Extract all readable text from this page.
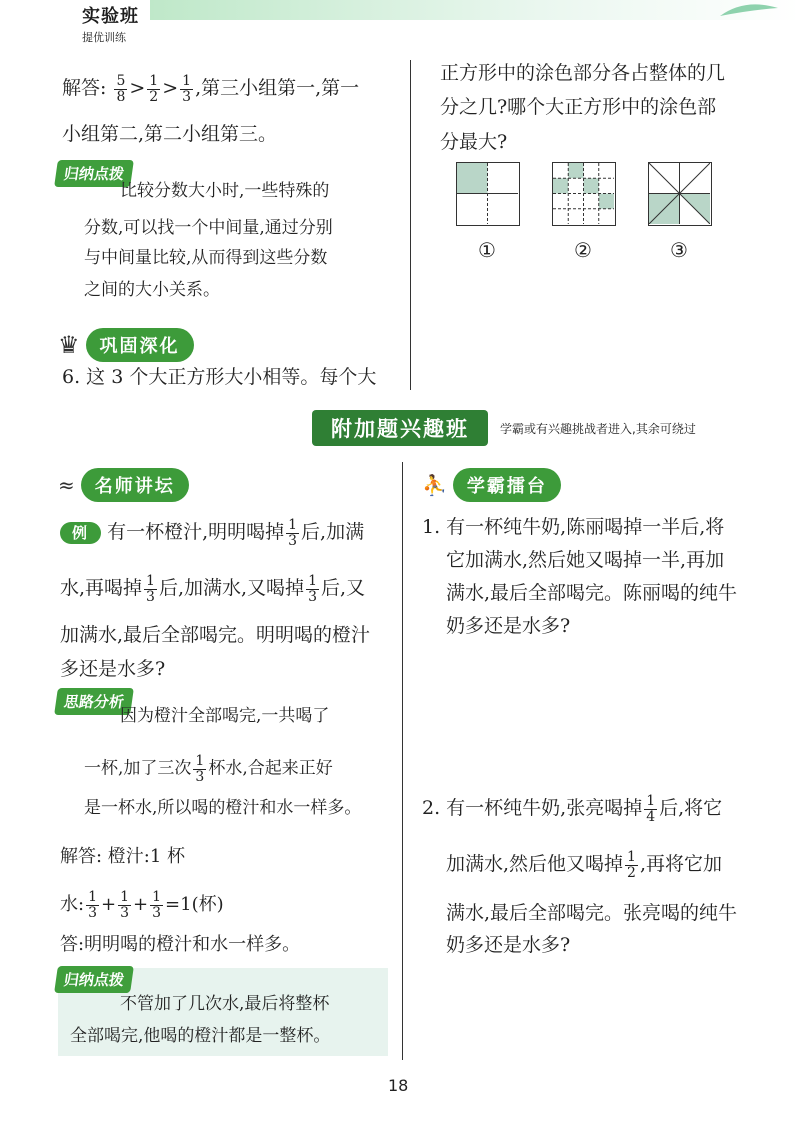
实验班
提优训练
解答: $\frac{5}{8} > \frac{1}{2} > \frac{1}{3}$ ,第三小组第一,第一
小组第二,第二小组第三。
归纳点拨
比较分数大小时,一些特殊的
分数,可以找一个中间量,通过分别
与中间量比较,从而得到这些分数
之间的大小关系。
♛	巩固深化
6. 这 3 个大正方形大小相等。每个大
正方形中的涂色部分各占整体的几
分之几?哪个大正方形中的涂色部
分最大?
①	②	③
附加题兴趣班	学霸或有兴趣挑战者进入,其余可绕过
≈	名师讲坛
例 有一杯橙汁,明明喝掉 $\frac{1}{3}$ 后,加满
水,再喝掉 $\frac{1}{3}$ 后,加满水,又喝掉 $\frac{1}{3}$ 后,又
加满水,最后全部喝完。明明喝的橙汁
多还是水多?
思路分析
因为橙汁全部喝完,一共喝了
一杯,加了三次 $\frac{1}{3}$ 杯水,合起来正好
是一杯水,所以喝的橙汁和水一样多。
解答: 橙汁:1 杯
水: $\frac{1}{3} + \frac{1}{3} + \frac{1}{3} =1$(杯)
答:明明喝的橙汁和水一样多。
归纳点拨
不管加了几次水,最后将整杯
全部喝完,他喝的橙汁都是一整杯。
⛹	学霸擂台
1. 有一杯纯牛奶,陈丽喝掉一半后,将
它加满水,然后她又喝掉一半,再加
满水,最后全部喝完。陈丽喝的纯牛
奶多还是水多?
2. 有一杯纯牛奶,张亮喝掉 $\frac{1}{4}$ 后,将它
加满水,然后他又喝掉 $\frac{1}{2}$ ,再将它加
满水,最后全部喝完。张亮喝的纯牛
奶多还是水多?
18
